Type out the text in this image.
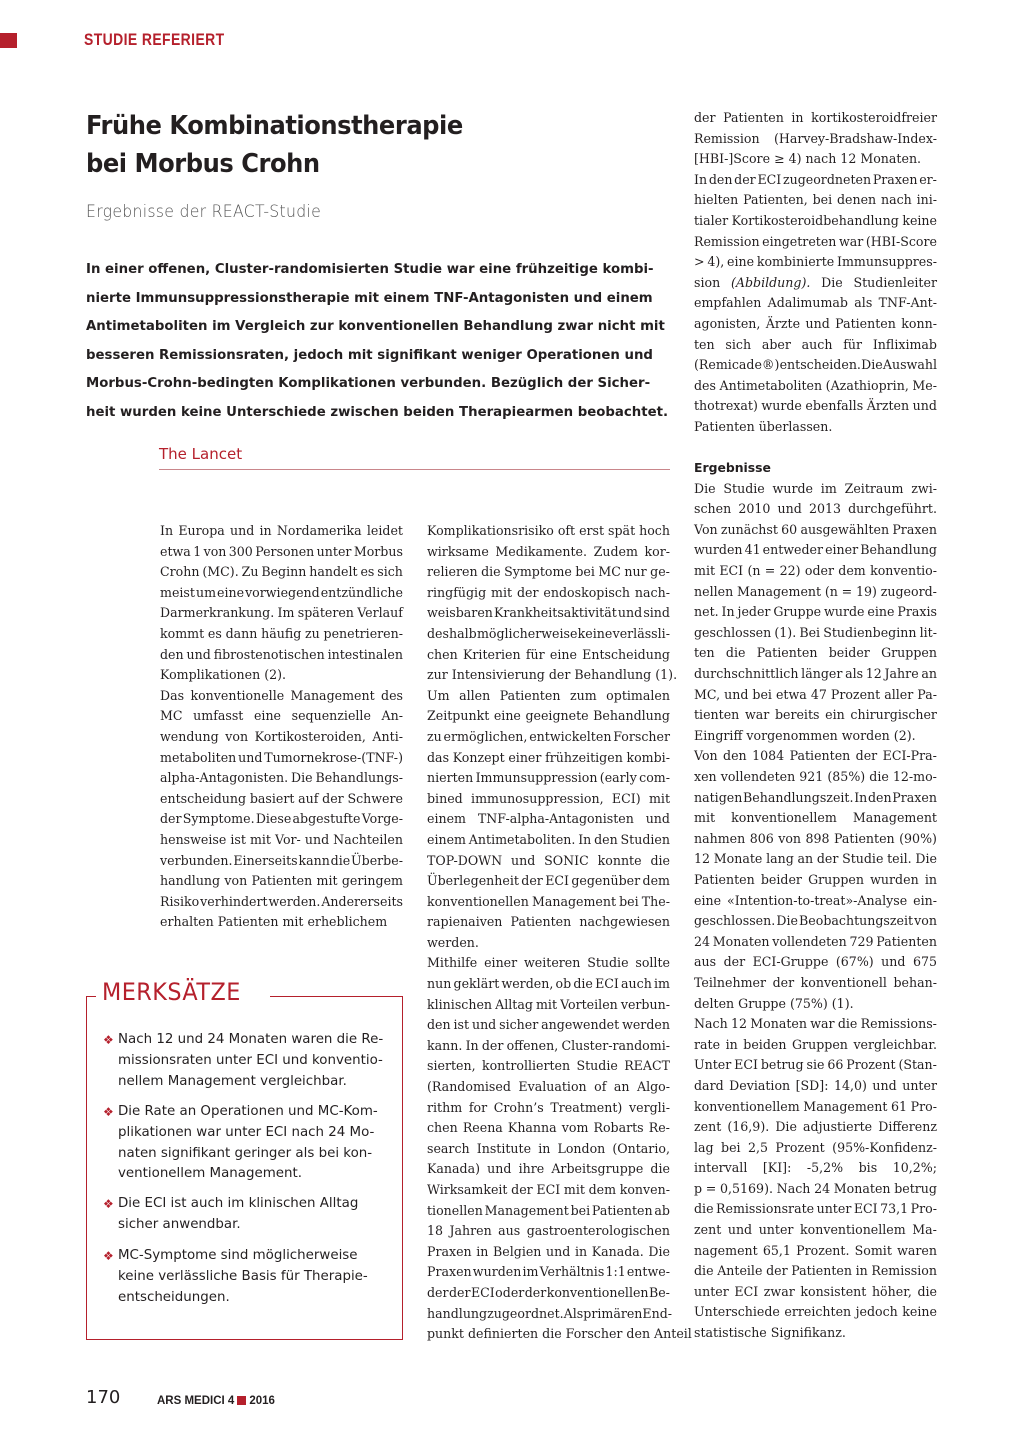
STUDIE REFERIERT
Frühe Kombinationstherapie
bei Morbus Crohn
Ergebnisse der REACT-Studie
In einer offenen, Cluster-randomisierten Studie war eine frühzeitige kombi-
nierte Immunsuppressionstherapie mit einem TNF-Antagonisten und einem
Antimetaboliten im Vergleich zur konventionellen Behandlung zwar nicht mit
besseren Remissionsraten, jedoch mit signifikant weniger Operationen und
Morbus-Crohn-bedingten Komplikationen verbunden. Bezüglich der Sicher-
heit wurden keine Unterschiede zwischen beiden Therapiearmen beobachtet.
The Lancet
In Europa und in Nordamerika leidet
etwa 1 von 300 Personen unter Morbus
Crohn (MC). Zu Beginn handelt es sich
meist um eine vorwiegend entzündliche
Darmerkrankung. Im späteren Verlauf
kommt es dann häufig zu penetrieren-
den und fibrostenotischen intestinalen
Komplikationen (2).
Das konventionelle Management des
MC umfasst eine sequenzielle An-
wendung von Kortikosteroiden, Anti-
metaboliten und Tumornekrose-(TNF-)
alpha-Antagonisten. Die Behandlungs-
entscheidung basiert auf der Schwere
der Symptome. Diese abgestufte Vorge-
hensweise ist mit Vor- und Nachteilen
verbunden. Einerseits kann die Überbe-
handlung von Patienten mit geringem
Risiko verhindert werden. Andererseits
erhalten Patienten mit erheblichem
Komplikationsrisiko oft erst spät hoch
wirksame Medikamente. Zudem kor-
relieren die Symptome bei MC nur ge-
ringfügig mit der endoskopisch nach-
weisbaren Krankheitsaktivität und sind
deshalb möglicherweise keine verlässli-
chen Kriterien für eine Entscheidung
zur Intensivierung der Behandlung (1).
Um allen Patienten zum optimalen
Zeitpunkt eine geeignete Behandlung
zu ermöglichen, entwickelten Forscher
das Konzept einer frühzeitigen kombi-
nierten Immunsuppression (early com-
bined immunosuppression, ECI) mit
einem TNF-alpha-Antagonisten und
einem Antimetaboliten. In den Studien
TOP-DOWN und SONIC konnte die
Überlegenheit der ECI gegenüber dem
konventionellen Management bei The-
rapienaiven Patienten nachgewiesen
werden.
Mithilfe einer weiteren Studie sollte
nun geklärt werden, ob die ECI auch im
klinischen Alltag mit Vorteilen verbun-
den ist und sicher angewendet werden
kann. In der offenen, Cluster-randomi-
sierten, kontrollierten Studie REACT
(Randomised Evaluation of an Algo-
rithm for Crohn’s Treatment) vergli-
chen Reena Khanna vom Robarts Re-
search Institute in London (Ontario,
Kanada) und ihre Arbeitsgruppe die
Wirksamkeit der ECI mit dem konven-
tionellen Management bei Patienten ab
18 Jahren aus gastroenterologischen
Praxen in Belgien und in Kanada. Die
Praxen wurden im Verhältnis 1:1 entwe-
der der ECI oder der konventionellen Be-
handlung zugeordnet. Als primären End-
punkt definierten die Forscher den Anteil
der Patienten in kortikosteroidfreier
Remission (Harvey-Bradshaw-Index-
[HBI-]Score ≥ 4) nach 12 Monaten.
In den der ECI zugeordneten Praxen er-
hielten Patienten, bei denen nach ini-
tialer Kortikosteroidbehandlung keine
Remission eingetreten war (HBI-Score
> 4), eine kombinierte Immunsuppres-
sion (Abbildung). Die Studienleiter
empfahlen Adalimumab als TNF-Ant-
agonisten, Ärzte und Patienten konn-
ten sich aber auch für Infliximab
(Remicade®) entscheiden. Die Auswahl
des Antimetaboliten (Azathioprin, Me-
thotrexat) wurde ebenfalls Ärzten und
Patienten überlassen.
Ergebnisse
Die Studie wurde im Zeitraum zwi-
schen 2010 und 2013 durchgeführt.
Von zunächst 60 ausgewählten Praxen
wurden 41 entweder einer Behandlung
mit ECI (n = 22) oder dem konventio-
nellen Management (n = 19) zugeord-
net. In jeder Gruppe wurde eine Praxis
geschlossen (1). Bei Studienbeginn lit-
ten die Patienten beider Gruppen
durchschnittlich länger als 12 Jahre an
MC, und bei etwa 47 Prozent aller Pa-
tienten war bereits ein chirurgischer
Eingriff vorgenommen worden (2).
Von den 1084 Patienten der ECI-Pra-
xen vollendeten 921 (85%) die 12-mo-
natigen Behandlungszeit. In den Praxen
mit konventionellem Management
nahmen 806 von 898 Patienten (90%)
12 Monate lang an der Studie teil. Die
Patienten beider Gruppen wurden in
eine «Intention-to-treat»-Analyse ein-
geschlossen. Die Beobachtungszeit von
24 Monaten vollendeten 729 Patienten
aus der ECI-Gruppe (67%) und 675
Teilnehmer der konventionell behan-
delten Gruppe (75%) (1).
Nach 12 Monaten war die Remissions-
rate in beiden Gruppen vergleichbar.
Unter ECI betrug sie 66 Prozent (Stan-
dard Deviation [SD]: 14,0) und unter
konventionellem Management 61 Pro-
zent (16,9). Die adjustierte Differenz
lag bei 2,5 Prozent (95%-Konfidenz-
intervall [KI]: -5,2% bis 10,2%;
p = 0,5169). Nach 24 Monaten betrug
die Remissionsrate unter ECI 73,1 Pro-
zent und unter konventionellem Ma-
nagement 65,1 Prozent. Somit waren
die Anteile der Patienten in Remission
unter ECI zwar konsistent höher, die
Unterschiede erreichten jedoch keine
statistische Signifikanz.
MERKSÄTZE
170	ARS MEDICI 4 2016
❖ Nach 12 und 24 Monaten waren die Re-
missionsraten unter ECI und konventio-
nellem Management vergleichbar.
❖ Die Rate an Operationen und MC-Kom-
plikationen war unter ECI nach 24 Mo-
naten signifikant geringer als bei kon-
ventionellem Management.
❖ Die ECI ist auch im klinischen Alltag
sicher anwendbar.
❖ MC-Symptome sind möglicherweise
keine verlässliche Basis für Therapie-
entscheidungen.
